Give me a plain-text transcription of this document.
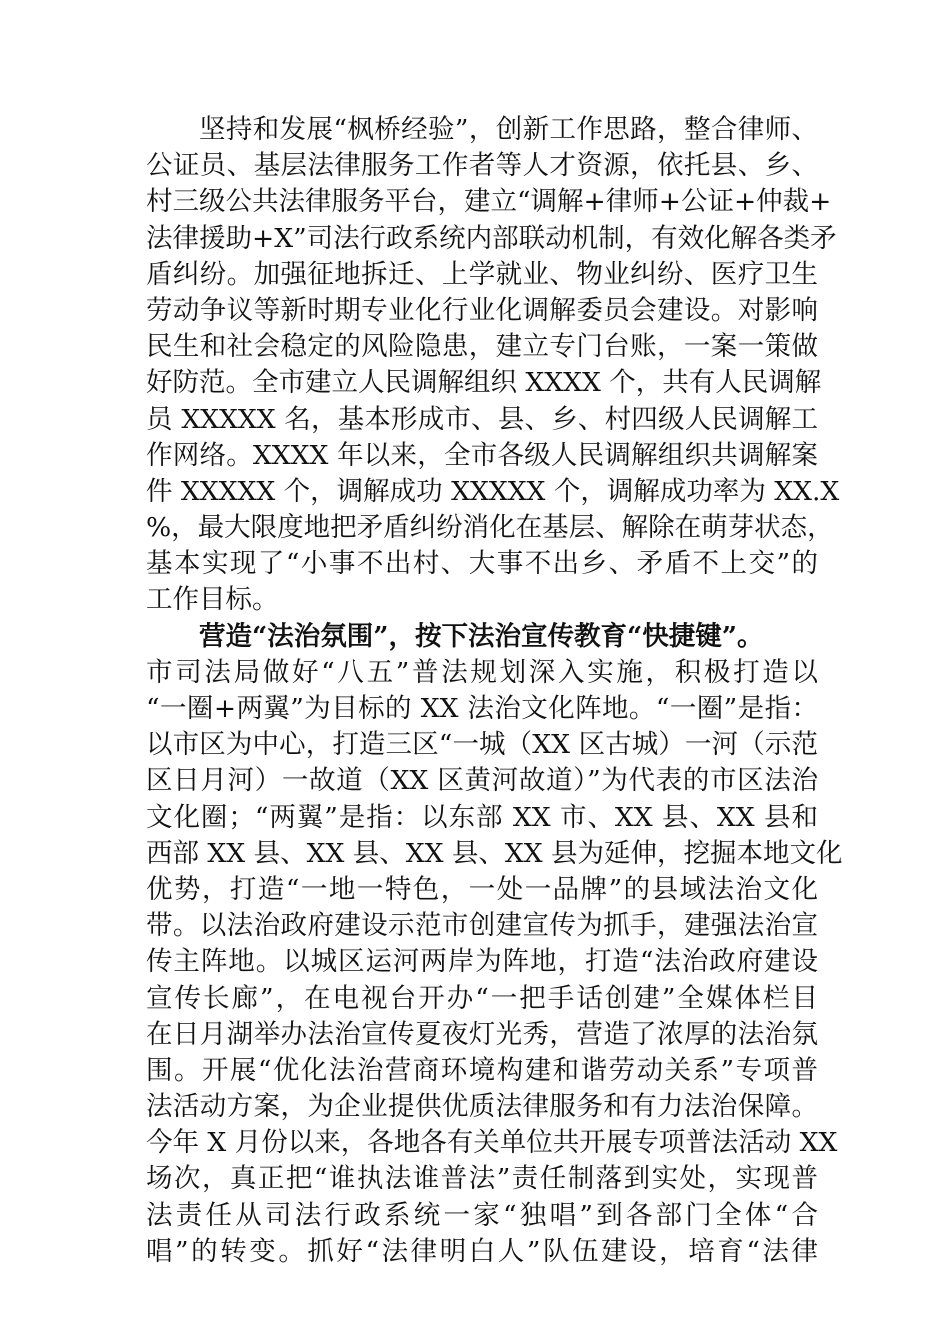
坚持和发展“枫桥经验”，创新工作思路，整合律师、
公证员、基层法律服务工作者等人才资源，依托县、乡、
村三级公共法律服务平台，建立“调解+律师+公证+仲裁+
法律援助+X”司法行政系统内部联动机制，有效化解各类矛
盾纠纷。加强征地拆迁、上学就业、物业纠纷、医疗卫生
劳动争议等新时期专业化行业化调解委员会建设。对影响
民生和社会稳定的风险隐患，建立专门台账，一案一策做
好防范。全市建立人民调解组织 XXXX 个，共有人民调解
员 XXXXX 名，基本形成市、县、乡、村四级人民调解工
作网络。XXXX 年以来，全市各级人民调解组织共调解案
件 XXXXX 个，调解成功 XXXXX 个，调解成功率为 XX.X
%，最大限度地把矛盾纠纷消化在基层、解除在萌芽状态，
基本实现了“小事不出村、大事不出乡、矛盾不上交”的
工作目标。
营造“法治氛围”，按下法治宣传教育“快捷键”。
市司法局做好“八五”普法规划深入实施，积极打造以
“一圈+两翼”为目标的 XX 法治文化阵地。“一圈”是指：
以市区为中心，打造三区“一城（XX 区古城）一河（示范
区日月河）一故道（XX 区黄河故道）”为代表的市区法治
文化圈；“两翼”是指：以东部 XX 市、XX 县、XX 县和
西部 XX 县、XX 县、XX 县、XX 县为延伸，挖掘本地文化
优势，打造“一地一特色，一处一品牌”的县域法治文化
带。以法治政府建设示范市创建宣传为抓手，建强法治宣
传主阵地。以城区运河两岸为阵地，打造“法治政府建设
宣传长廊”，在电视台开办“一把手话创建”全媒体栏目
在日月湖举办法治宣传夏夜灯光秀，营造了浓厚的法治氛
围。开展“优化法治营商环境构建和谐劳动关系”专项普
法活动方案，为企业提供优质法律服务和有力法治保障。
今年 X 月份以来，各地各有关单位共开展专项普法活动 XX
场次，真正把“谁执法谁普法”责任制落到实处，实现普
法责任从司法行政系统一家“独唱”到各部门全体“合
唱”的转变。抓好“法律明白人”队伍建设，培育“法律
